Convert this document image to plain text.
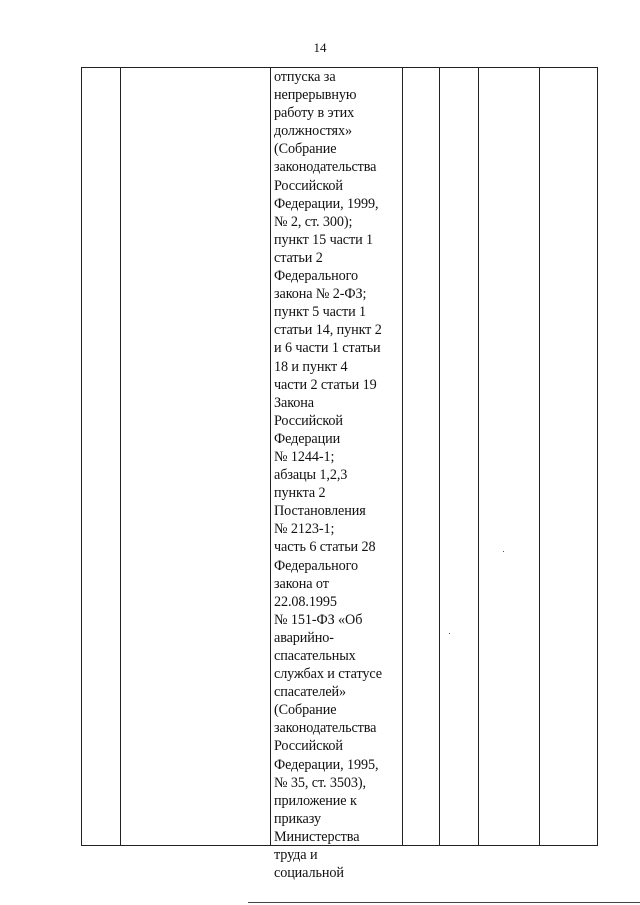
14
отпуска за
непрерывную
работу в этих
должностях»
(Собрание
законодательства
Российской
Федерации, 1999,
№ 2, ст. 300);
пункт 15 части 1
статьи 2
Федерального
закона № 2-ФЗ;
пункт 5 части 1
статьи 14, пункт 2
и 6 части 1 статьи
18 и пункт 4
части 2 статьи 19
Закона
Российской
Федерации
№ 1244-1;
абзацы 1,2,3
пункта 2
Постановления
№ 2123-1;
часть 6 статьи 28
Федерального
закона от
22.08.1995
№ 151-ФЗ «Об
аварийно-
спасательных
службах и статусе
спасателей»
(Собрание
законодательства
Российской
Федерации, 1995,
№ 35, ст. 3503),
приложение к
приказу
Министерства
труда и
социальной
